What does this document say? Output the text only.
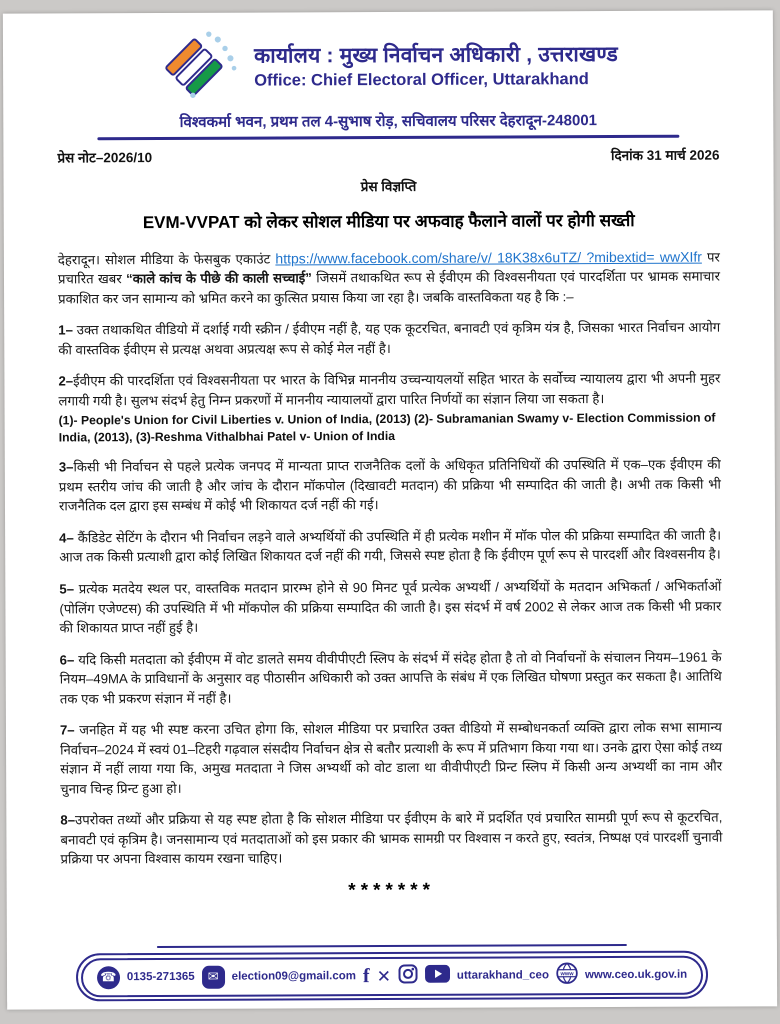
कार्यालय : मुख्य निर्वाचन अधिकारी , उत्तराखण्ड
Office: Chief Electoral Officer, Uttarakhand
विश्वकर्मा भवन, प्रथम तल 4-सुभाष रोड़, सचिवालय परिसर देहरादून-248001
प्रेस नोट–2026/10	दिनांक 31 मार्च 2026
प्रेस विज्ञप्ति
EVM-VVPAT को लेकर सोशल मीडिया पर अफवाह फैलाने वालों पर होगी सख्ती
देहरादून। सोशल मीडिया के फेसबुक एकाउंट https://www.facebook.com/share/v/ 18K38x6uTZ/ ?mibextid= wwXIfr पर प्रचारित खबर “काले कांच के पीछे की काली सच्चाई” जिसमें तथाकथित रूप से ईवीएम की विश्वसनीयता एवं पारदर्शिता पर भ्रामक समाचार प्रकाशित कर जन सामान्य को भ्रमित करने का कुत्सित प्रयास किया जा रहा है। जबकि वास्तविकता यह है कि :–
1– उक्त तथाकथित वीडियो में दर्शाई गयी स्क्रीन / ईवीएम नहीं है, यह एक कूटरचित, बनावटी एवं कृत्रिम यंत्र है, जिसका भारत निर्वाचन आयोग की वास्तविक ईवीएम से प्रत्यक्ष अथवा अप्रत्यक्ष रूप से कोई मेल नहीं है।
2–ईवीएम की पारदर्शिता एवं विश्वसनीयता पर भारत के विभिन्न माननीय उच्चन्यायलयों सहित भारत के सर्वोच्च न्यायालय द्वारा भी अपनी मुहर लगायी गयी है। सुलभ संदर्भ हेतु निम्न प्रकरणों में माननीय न्यायालयों द्वारा पारित निर्णयों का संज्ञान लिया जा सकता है।
(1)- People's Union for Civil Liberties v. Union of India, (2013) (2)- Subramanian Swamy v- Election Commission of India, (2013), (3)-Reshma Vithalbhai Patel v- Union of India
3–किसी भी निर्वाचन से पहले प्रत्येक जनपद में मान्यता प्राप्त राजनैतिक दलों के अधिकृत प्रतिनिधियों की उपस्थिति में एक–एक ईवीएम की प्रथम स्तरीय जांच की जाती है और जांच के दौरान मॉकपोल (दिखावटी मतदान) की प्रक्रिया भी सम्पादित की जाती है। अभी तक किसी भी राजनैतिक दल द्वारा इस सम्बंध में कोई भी शिकायत दर्ज नहीं की गई।
4– कैंडिडेट सेटिंग के दौरान भी निर्वाचन लड़ने वाले अभ्यर्थियों की उपस्थिति में ही प्रत्येक मशीन में मॉक पोल की प्रक्रिया सम्पादित की जाती है। आज तक किसी प्रत्याशी द्वारा कोई लिखित शिकायत दर्ज नहीं की गयी, जिससे स्पष्ट होता है कि ईवीएम पूर्ण रूप से पारदर्शी और विश्वसनीय है।
5– प्रत्येक मतदेय स्थल पर, वास्तविक मतदान प्रारम्भ होने से 90 मिनट पूर्व प्रत्येक अभ्यर्थी / अभ्यर्थियों के मतदान अभिकर्ता / अभिकर्ताओं (पोलिंग एजेण्टस) की उपस्थिति में भी मॉकपोल की प्रक्रिया सम्पादित की जाती है। इस संदर्भ में वर्ष 2002 से लेकर आज तक किसी भी प्रकार की शिकायत प्राप्त नहीं हुई है।
6– यदि किसी मतदाता को ईवीएम में वोट डालते समय वीवीपीएटी स्लिप के संदर्भ में संदेह होता है तो वो निर्वाचनों के संचालन नियम–1961 के नियम–49MA के प्राविधानों के अनुसार वह पीठासीन अधिकारी को उक्त आपत्ति के संबंध में एक लिखित घोषणा प्रस्तुत कर सकता है। आतिथि तक एक भी प्रकरण संज्ञान में नहीं है।
7– जनहित में यह भी स्पष्ट करना उचित होगा कि, सोशल मीडिया पर प्रचारित उक्त वीडियो में सम्बोधनकर्ता व्यक्ति द्वारा लोक सभा सामान्य निर्वाचन–2024 में स्वयं 01–टिहरी गढ़वाल संसदीय निर्वाचन क्षेत्र से बतौर प्रत्याशी के रूप में प्रतिभाग किया गया था। उनके द्वारा ऐसा कोई तथ्य संज्ञान में नहीं लाया गया कि, अमुख मतदाता ने जिस अभ्यर्थी को वोट डाला था वीवीपीएटी प्रिन्ट स्लिप में किसी अन्य अभ्यर्थी का नाम और चुनाव चिन्ह प्रिन्ट हुआ हो।
8–उपरोक्त तथ्यों और प्रक्रिया से यह स्पष्ट होता है कि सोशल मीडिया पर ईवीएम के बारे में प्रदर्शित एवं प्रचारित सामग्री पूर्ण रूप से कूटरचित, बनावटी एवं कृत्रिम है। जनसामान्य एवं मतदाताओं को इस प्रकार की भ्रामक सामग्री पर विश्वास न करते हुए, स्वतंत्र, निष्पक्ष एवं पारदर्शी चुनावी प्रक्रिया पर अपना विश्वास कायम रखना चाहिए।
*******
☎ 0135-271365 ✉	election09@gmail.com f ✕	uttarakhand_ceo www www.ceo.uk.gov.in
